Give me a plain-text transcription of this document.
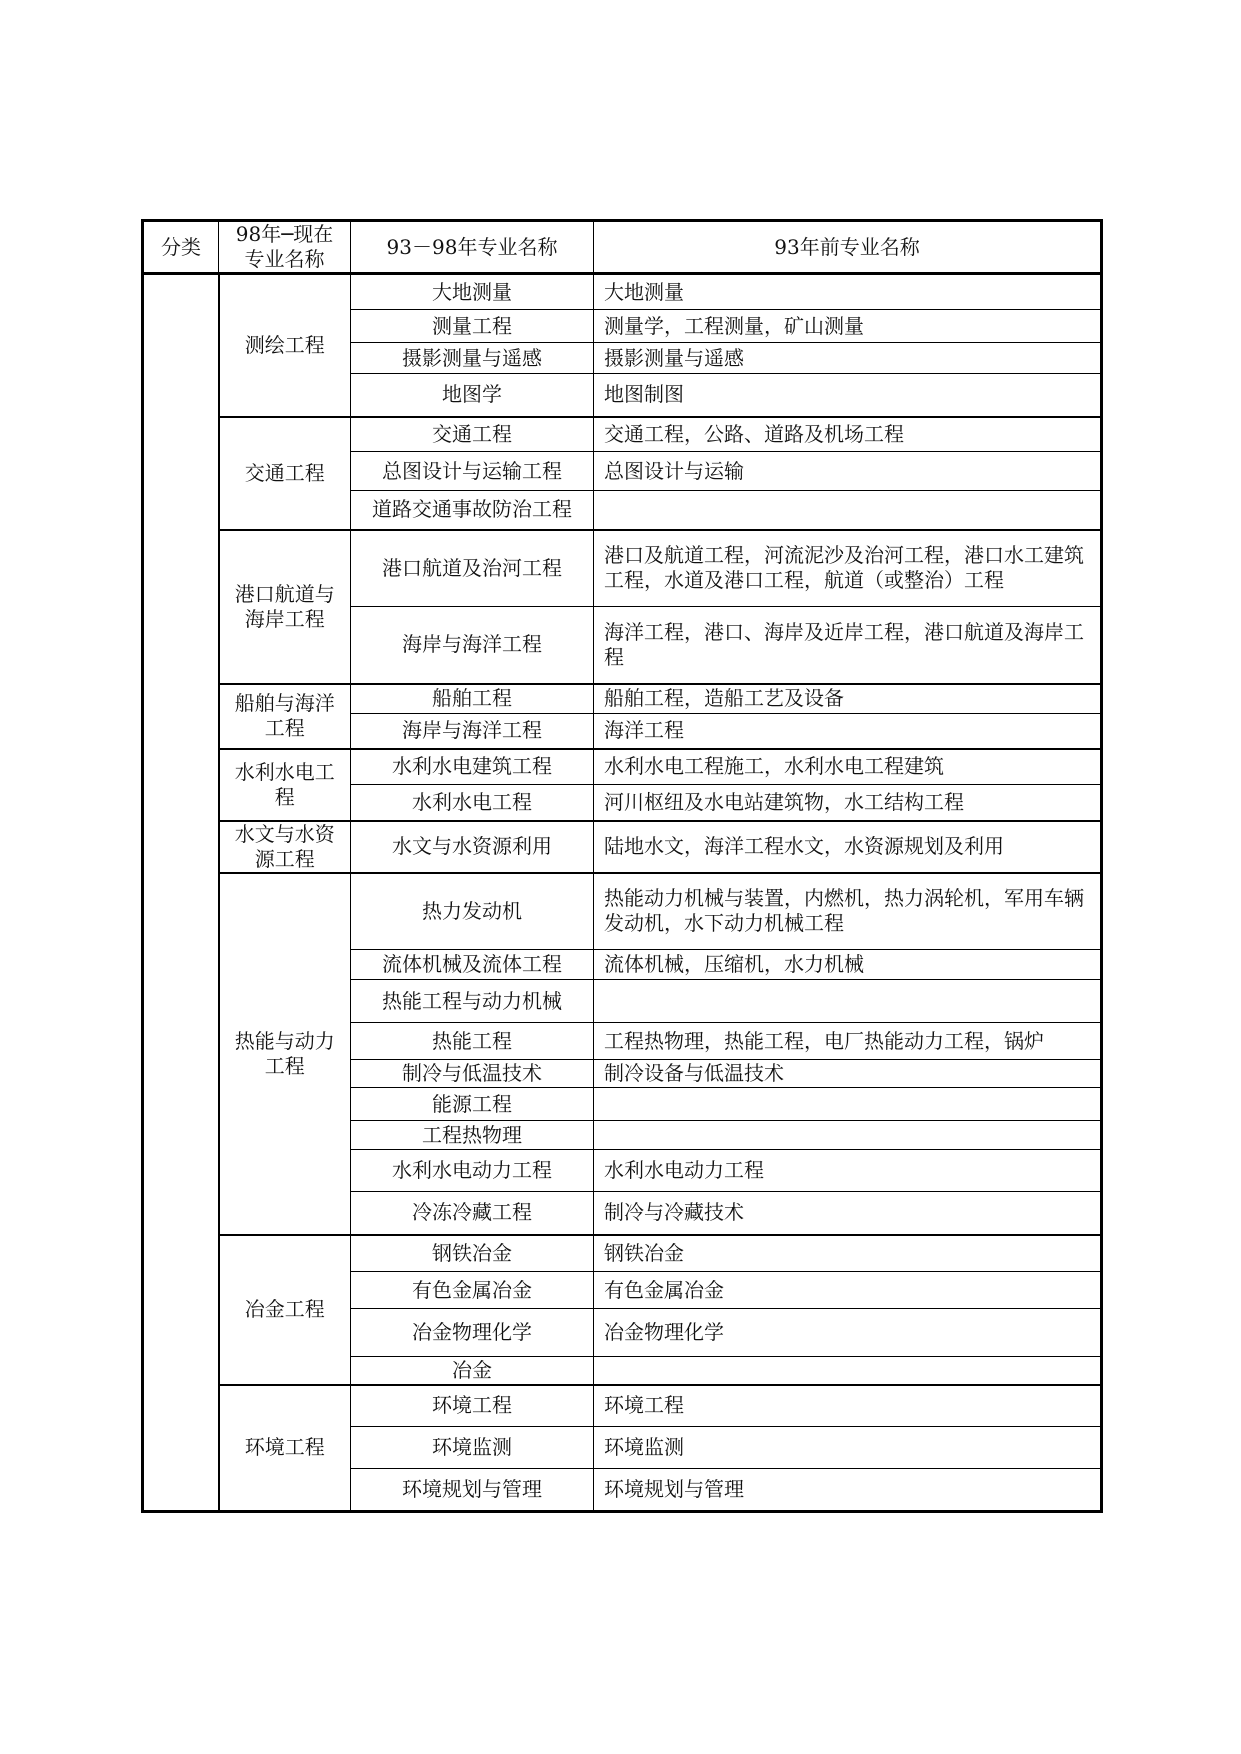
分类	98年─现在专业名称	93－98年专业名称	93年前专业名称
	测绘工程	大地测量	大地测量
		测量工程	测量学，工程测量，矿山测量
		摄影测量与遥感	摄影测量与遥感
		地图学	地图制图
	交通工程	交通工程	交通工程，公路、道路及机场工程
		总图设计与运输工程	总图设计与运输
		道路交通事故防治工程	
	港口航道与海岸工程	港口航道及治河工程	港口及航道工程，河流泥沙及治河工程，港口水工建筑工程，水道及港口工程，航道（或整治）工程
		海岸与海洋工程	海洋工程，港口、海岸及近岸工程，港口航道及海岸工程
	船舶与海洋工程	船舶工程	船舶工程，造船工艺及设备
		海岸与海洋工程	海洋工程
	水利水电工程	水利水电建筑工程	水利水电工程施工，水利水电工程建筑
		水利水电工程	河川枢纽及水电站建筑物，水工结构工程
	水文与水资源工程	水文与水资源利用	陆地水文，海洋工程水文，水资源规划及利用
	热能与动力工程	热力发动机	热能动力机械与装置，内燃机，热力涡轮机，军用车辆发动机，水下动力机械工程
		流体机械及流体工程	流体机械，压缩机，水力机械
		热能工程与动力机械	
		热能工程	工程热物理，热能工程，电厂热能动力工程，锅炉
		制冷与低温技术	制冷设备与低温技术
		能源工程	
		工程热物理	
		水利水电动力工程	水利水电动力工程
		冷冻冷藏工程	制冷与冷藏技术
	冶金工程	钢铁冶金	钢铁冶金
		有色金属冶金	有色金属冶金
		冶金物理化学	冶金物理化学
		冶金	
	环境工程	环境工程	环境工程
		环境监测	环境监测
		环境规划与管理	环境规划与管理
